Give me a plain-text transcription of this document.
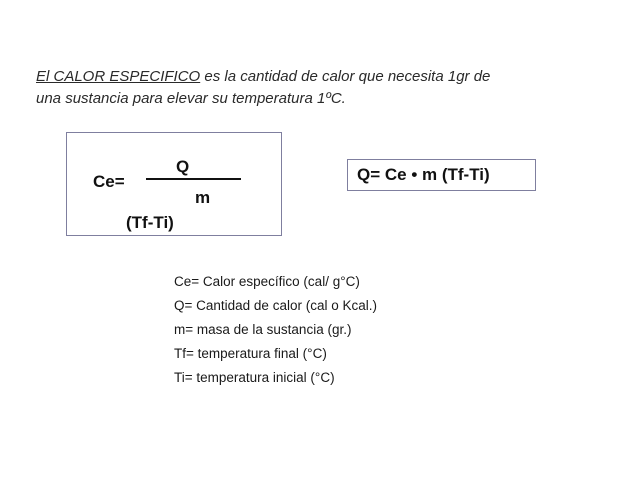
El CALOR ESPECIFICO es la cantidad de calor que necesita 1gr de
una sustancia para elevar su temperatura 1ºC.
Ce=
Q
m
(Tf-Ti)
Q= Ce • m (Tf-Ti)
Ce= Calor específico (cal/ g°C)
Q= Cantidad de calor (cal o Kcal.)
m= masa de la sustancia (gr.)
Tf= temperatura final (°C)
Ti= temperatura inicial (°C)
